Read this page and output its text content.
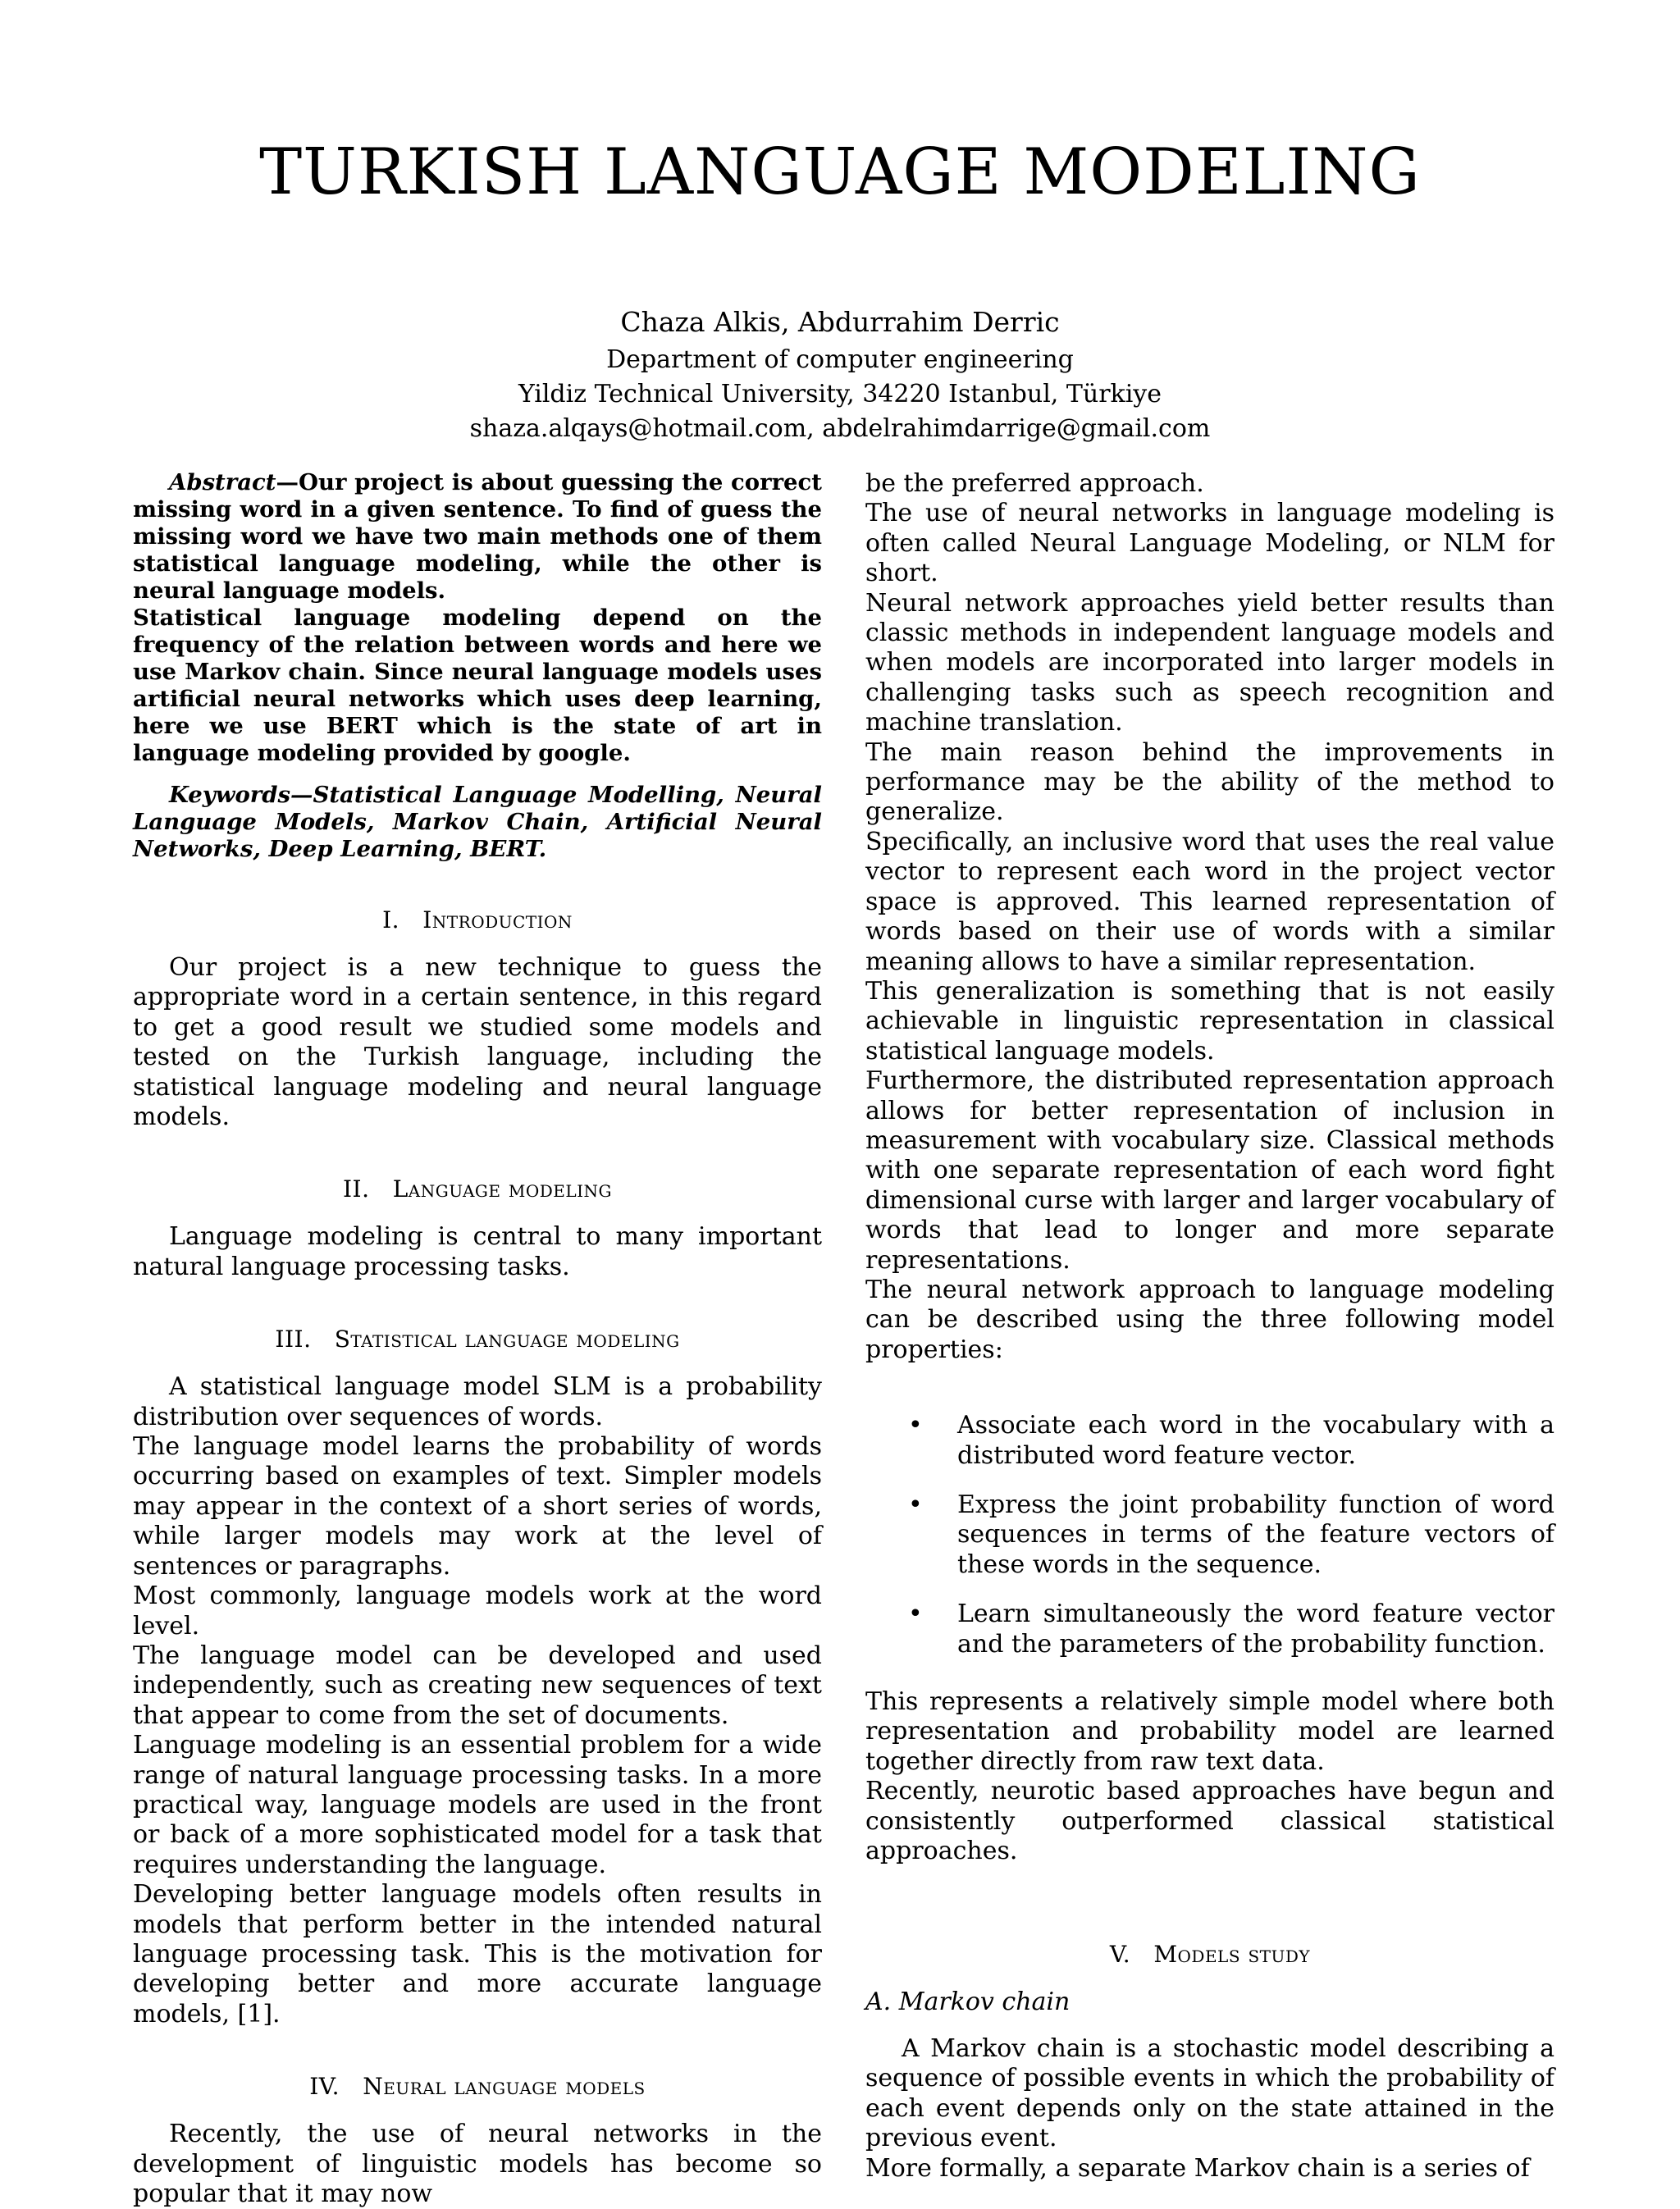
TURKISH LANGUAGE MODELING
Chaza Alkis, Abdurrahim Derric
Department of computer engineering
Yildiz Technical University, 34220 Istanbul, Türkiye
shaza.alqays@hotmail.com, abdelrahimdarrige@gmail.com

Abstract—Our project is about guessing the correct missing word in a given sentence. To find of guess the missing word we have two main methods one of them statistical language modeling, while the other is neural language models.

Statistical language modeling depend on the frequency of the relation between words and here we use Markov chain. Since neural language models uses artificial neural networks which uses deep learning, here we use BERT which is the state of art in language modeling provided by google.

Keywords—Statistical Language Modelling, Neural Language Models, Markov Chain, Artificial Neural Networks, Deep Learning, BERT.

I. Introduction

Our project is a new technique to guess the appropriate word in a certain sentence, in this regard to get a good result we studied some models and tested on the Turkish language, including the statistical language modeling and neural language models.

II. Language modeling

Language modeling is central to many important natural language processing tasks.

III. Statistical language modeling

A statistical language model SLM is a probability distribution over sequences of words.

The language model learns the probability of words occurring based on examples of text. Simpler models may appear in the context of a short series of words, while larger models may work at the level of sentences or paragraphs.

Most commonly, language models work at the word level.

The language model can be developed and used independently, such as creating new sequences of text that appear to come from the set of documents.

Language modeling is an essential problem for a wide range of natural language processing tasks. In a more practical way, language models are used in the front or back of a more sophisticated model for a task that requires understanding the language.

Developing better language models often results in models that perform better in the intended natural language processing task. This is the motivation for developing better and more accurate language models, [1].

IV. Neural language models

Recently, the use of neural networks in the development of linguistic models has become so popular that it may now

be the preferred approach.

The use of neural networks in language modeling is often called Neural Language Modeling, or NLM for short.

Neural network approaches yield better results than classic methods in independent language models and when models are incorporated into larger models in challenging tasks such as speech recognition and machine translation.

The main reason behind the improvements in performance may be the ability of the method to generalize.

Specifically, an inclusive word that uses the real value vector to represent each word in the project vector space is approved. This learned representation of words based on their use of words with a similar meaning allows to have a similar representation.

This generalization is something that is not easily achievable in linguistic representation in classical statistical language models.

Furthermore, the distributed representation approach allows for better representation of inclusion in measurement with vocabulary size. Classical methods with one separate representation of each word fight dimensional curse with larger and larger vocabulary of words that lead to longer and more separate representations.

The neural network approach to language modeling can be described using the three following model properties:

• Associate each word in the vocabulary with a distributed word feature vector.
• Express the joint probability function of word sequences in terms of the feature vectors of these words in the sequence.
• Learn simultaneously the word feature vector and the parameters of the probability function.

This represents a relatively simple model where both representation and probability model are learned together directly from raw text data.

Recently, neurotic based approaches have begun and consistently outperformed classical statistical approaches.

V. Models study
A. Markov chain

A Markov chain is a stochastic model describing a sequence of possible events in which the probability of each event depends only on the state attained in the previous event.

More formally, a separate Markov chain is a series of
